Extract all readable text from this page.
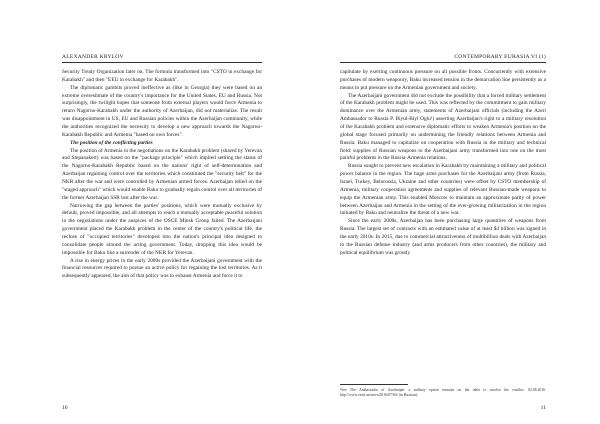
ALEXANDER KRYLOV

Security Treaty Organization later on. The formula transformed into "CSTO in exchange for Karabakh" and then "EEU in exchange for Karabakh".

The diplomatic gambits proved ineffective as (like in Georgia) they were based on an extreme overestimate of the country's importance for the United States, EU and Russia. Not surprisingly, the twilight hopes that someone from external players would force Armenia to return Nagorno-Karabakh under the authority of Azerbaijan, did not materialize. The result was disappointment in US, EU and Russian policies within the Azerbaijan community, while the authorities recognized the necessity to develop a new approach towards the Nagorno-Karabakh Republic and Armenia "based on own forces".

The position of the conflicting parties

The position of Armenia in the negotiations on the Karabakh problem (shared by Yerevan and Stepanakert) was based on the "package principle" which implied settling the status of the Nagorno-Karabakh Republic based on the nations' right of self-determination and Azerbaijan regaining control over the territories which constituted the "security belt" for the NKR after the war and were controlled by Armenian armed forces. Azerbaijan relied on the "staged approach" which would enable Baku to gradually regain control over all territories of the former Azerbaijan SSR lost after the war.

Narrowing the gap between the parties' positions, which were mutually exclusive by default, proved impossible, and all attempts to reach a mutually acceptable peaceful solution in the negotiations under the auspices of the OSCE Minsk Group failed. The Azerbaijani government placed the Karabakh problem in the center of the country's political life, the recluse of "occupied territories" developed into the nation's principal idea designed to consolidate people around the acting government. Today, dropping this idea would be impossible for Baku like a surrender of the NKR for Yerevan.

A rise in energy prices in the early 2000s provided the Azerbaijani government with the financial resources required to pursue an active policy for regaining the lost territories. As it subsequently appeared, the aim of that policy was to exhaust Armenia and force it to

10
CONTEMPORARY EURASIA VI (1)

capitulate by exerting continuous pressure on all possible fronts. Concurrently with extensive purchases of modern weaponry, Baku increased tension in the demarcation line persistently as a means to put pressure on the Armenian government and society.

The Azerbaijani government did not exclude the possibility that a forced military settlement of the Karabakh problem might be used. This was reflected by the commitment to gain military dominance over the Armenian army, statements of Azerbaijani officials (including the Azeri Ambassador to Russia P. Biyul-Biyl Oglu¹) asserting Azerbaijan's right to a military resolution of the Karabakh problem and extensive diplomatic efforts to weaken Armenia's position on the global stage focused primarily on undermining the friendly relations between Armenia and Russia. Baku managed to capitalize on cooperation with Russia in the military and technical field: supplies of Russian weapons to the Azerbaijani army transformed into one on the most painful problems in the Russia-Armenia relations.

Russia sought to prevent new escalation in Karabakh by maintaining a military and political power balance in the region. The huge arms purchases for the Azerbaijani army (from Russia, Israel, Turkey, Belorussia, Ukraine and other countries) were offset by CSTO membership of Armenia, military cooperation agreements and supplies of relevant Russian-made weapons to equip the Armenian army. This enabled Moscow to maintain an approximate parity of power between Azerbaijan and Armenia in the setting of the ever-growing militarization in the region initiated by Baku and neutralize the threat of a new war.

Since the early 2000s, Azerbaijan has been purchasing large quantities of weapons from Russia. The largest set of contracts with an estimated value of at least $4 billion was signed in the early 2010s. In 2015, due to commercial attractiveness of multibillion deals with Azerbaijan to the Russian defense industry (and arms producers from other countries), the military and political equilibrium was grossly

¹See The Ambassador of Azerbaijan: a military option remains on the table to resolve the conflict. 02.08.2016. http://www.vesti.az/news/2016/07/04/ (in Russian).
11
